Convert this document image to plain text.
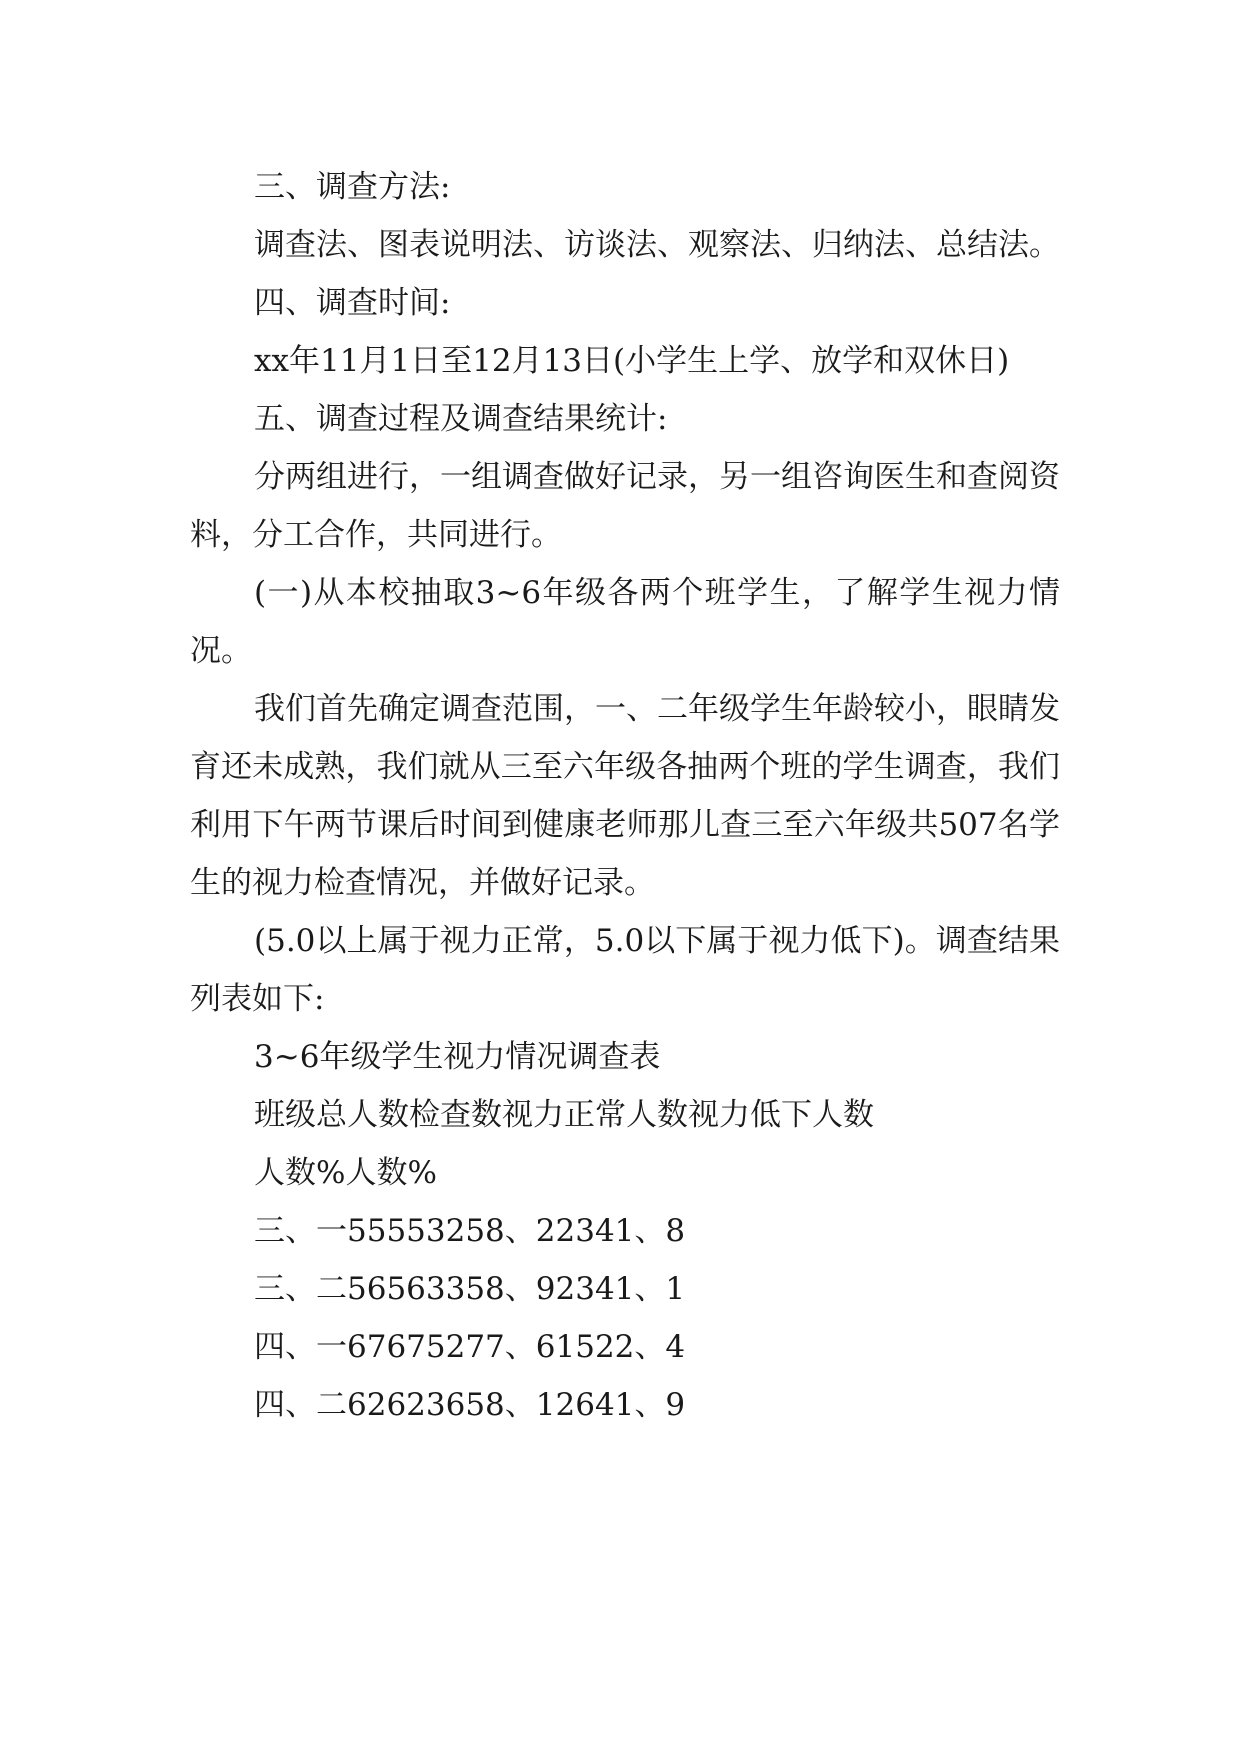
三、调查方法:

调查法、图表说明法、访谈法、观察法、归纳法、总结法。

四、调查时间:

xx年11月1日至12月13日(小学生上学、放学和双休日)

五、调查过程及调查结果统计:

分两组进行，一组调查做好记录，另一组咨询医生和查阅资料，分工合作，共同进行。

(一)从本校抽取3~6年级各两个班学生，了解学生视力情况。

我们首先确定调查范围，一、二年级学生年龄较小，眼睛发育还未成熟，我们就从三至六年级各抽两个班的学生调查，我们利用下午两节课后时间到健康老师那儿查三至六年级共507名学生的视力检查情况，并做好记录。

(5.0以上属于视力正常，5.0以下属于视力低下)。调查结果列表如下:

3~6年级学生视力情况调查表

班级总人数检查数视力正常人数视力低下人数

人数%人数%

三、一55553258、22341、8

三、二56563358、92341、1

四、一67675277、61522、4

四、二62623658、12641、9
